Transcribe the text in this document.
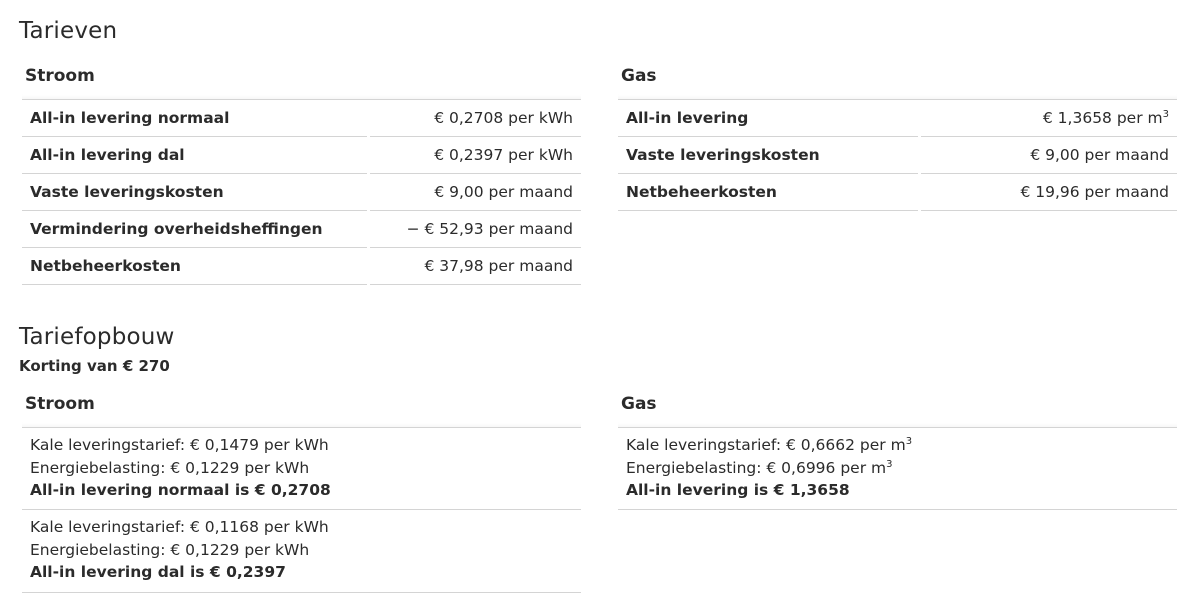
Tarieven
Stroom
All-in levering normaal	€ 0,2708 per kWh
All-in levering dal	€ 0,2397 per kWh
Vaste leveringskosten	€ 9,00 per maand
Vermindering overheidsheffingen	− € 52,93 per maand
Netbeheerkosten	€ 37,98 per maand
Gas
All-in levering	€ 1,3658 per $m^3$
Vaste leveringskosten	€ 9,00 per maand
Netbeheerkosten	€ 19,96 per maand
Tariefopbouw
Korting van € 270
Stroom
Kale leveringstarief: € 0,1479 per kWh
Energiebelasting: € 0,1229 per kWh
All-in levering normaal is € 0,2708
Kale leveringstarief: € 0,1168 per kWh
Energiebelasting: € 0,1229 per kWh
All-in levering dal is € 0,2397
Gas
Kale leveringstarief: € 0,6662 per $m^3$
Energiebelasting: € 0,6996 per $m^3$
All-in levering is € 1,3658
